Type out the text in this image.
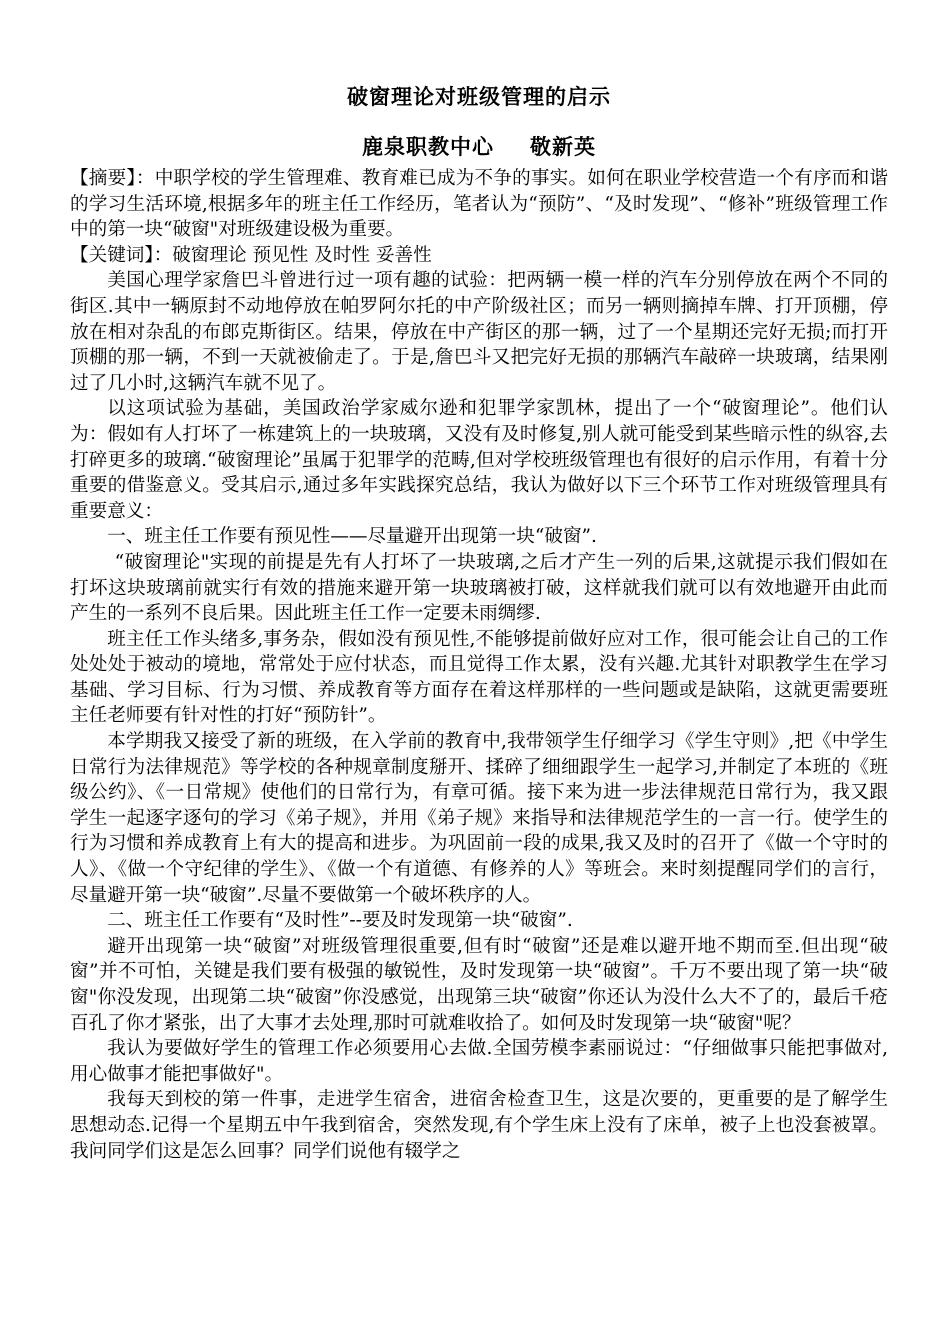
破窗理论对班级管理的启示
鹿泉职教中心 敬新英

【摘要】：中职学校的学生管理难、教育难已成为不争的事实。如何在职业学校营造一个有序而和谐的学习生活环境,根据多年的班主任工作经历，笔者认为“预防”、“及时发现”、“修补”班级管理工作中的第一块“破窗"对班级建设极为重要。

【关键词】：破窗理论 预见性 及时性 妥善性

美国心理学家詹巴斗曾进行过一项有趣的试验：把两辆一模一样的汽车分别停放在两个不同的街区.其中一辆原封不动地停放在帕罗阿尔托的中产阶级社区；而另一辆则摘掉车牌、打开顶棚，停放在相对杂乱的布郎克斯街区。结果，停放在中产街区的那一辆，过了一个星期还完好无损;而打开顶棚的那一辆，不到一天就被偷走了。于是,詹巴斗又把完好无损的那辆汽车敲碎一块玻璃，结果刚过了几小时,这辆汽车就不见了。

以这项试验为基础，美国政治学家威尔逊和犯罪学家凯林，提出了一个“破窗理论”。他们认为：假如有人打坏了一栋建筑上的一块玻璃，又没有及时修复,别人就可能受到某些暗示性的纵容,去打碎更多的玻璃.“破窗理论”虽属于犯罪学的范畴,但对学校班级管理也有很好的启示作用，有着十分重要的借鉴意义。受其启示,通过多年实践探究总结，我认为做好以下三个环节工作对班级管理具有重要意义：

一、班主任工作要有预见性——尽量避开出现第一块“破窗”.

“破窗理论"实现的前提是先有人打坏了一块玻璃,之后才产生一列的后果,这就提示我们假如在打坏这块玻璃前就实行有效的措施来避开第一块玻璃被打破，这样就我们就可以有效地避开由此而产生的一系列不良后果。因此班主任工作一定要未雨绸缪.

班主任工作头绪多,事务杂，假如没有预见性,不能够提前做好应对工作，很可能会让自己的工作处处处于被动的境地，常常处于应付状态，而且觉得工作太累，没有兴趣.尤其针对职教学生在学习基础、学习目标、行为习惯、养成教育等方面存在着这样那样的一些问题或是缺陷，这就更需要班主任老师要有针对性的打好“预防针”。

本学期我又接受了新的班级，在入学前的教育中,我带领学生仔细学习《学生守则》,把《中学生日常行为法律规范》等学校的各种规章制度掰开、揉碎了细细跟学生一起学习,并制定了本班的《班级公约》、《一日常规》使他们的日常行为，有章可循。接下来为进一步法律规范日常行为，我又跟学生一起逐字逐句的学习《弟子规》，并用《弟子规》来指导和法律规范学生的一言一行。使学生的行为习惯和养成教育上有大的提高和进步。为巩固前一段的成果,我又及时的召开了《做一个守时的人》、《做一个守纪律的学生》、《做一个有道德、有修养的人》等班会。来时刻提醒同学们的言行，尽量避开第一块“破窗”.尽量不要做第一个破坏秩序的人。

二、班主任工作要有“及时性”--要及时发现第一块“破窗”.

避开出现第一块“破窗”对班级管理很重要,但有时“破窗”还是难以避开地不期而至.但出现“破窗”并不可怕，关键是我们要有极强的敏锐性，及时发现第一块“破窗”。千万不要出现了第一块“破窗"你没发现，出现第二块“破窗”你没感觉，出现第三块“破窗”你还认为没什么大不了的，最后千疮百孔了你才紧张，出了大事才去处理,那时可就难收拾了。如何及时发现第一块“破窗"呢？

我认为要做好学生的管理工作必须要用心去做.全国劳模李素丽说过：“仔细做事只能把事做对,用心做事才能把事做好"。

我每天到校的第一件事，走进学生宿舍，进宿舍检查卫生，这是次要的，更重要的是了解学生思想动态.记得一个星期五中午我到宿舍，突然发现,有个学生床上没有了床单，被子上也没套被罩。我问同学们这是怎么回事？同学们说他有辍学之
